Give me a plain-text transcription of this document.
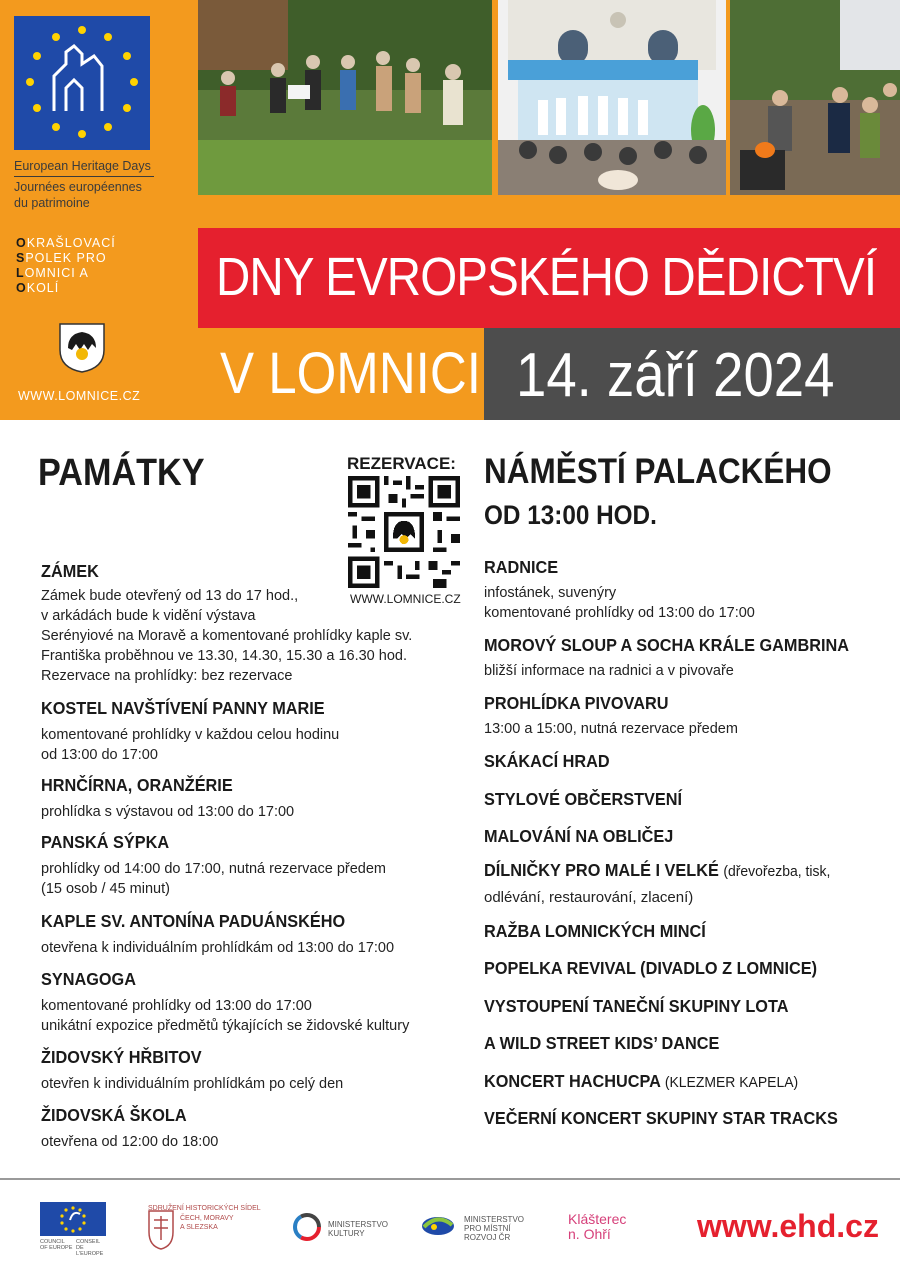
European Heritage Days
Journées européennes
du patrimoine
OKRAŠLOVACÍ
SPOLEK PRO
LOMNICI A
OKOLÍ
WWW.LOMNICE.CZ
DNY EVROPSKÉHO DĚDICTVÍ
V LOMNICI 14. září 2024
PAMÁTKY
ZÁMEK
Zámek bude otevřený od 13 do 17 hod.,
v arkádách bude k vidění výstava
Serényiové na Moravě a komentované prohlídky kaple sv.
Františka proběhnou ve 13.30, 14.30, 15.30 a 16.30 hod.
Rezervace na prohlídky: bez rezervace
KOSTEL NAVŠTÍVENÍ PANNY MARIE
komentované prohlídky v každou celou hodinu
od 13:00 do 17:00
HRNČÍRNA, ORANŽÉRIE
prohlídka s výstavou od 13:00 do 17:00
PANSKÁ SÝPKA
prohlídky od 14:00 do 17:00, nutná rezervace předem
(15 osob / 45 minut)
KAPLE SV. ANTONÍNA PADUÁNSKÉHO
otevřena k individuálním prohlídkám od 13:00 do 17:00
SYNAGOGA
komentované prohlídky od 13:00 do 17:00
unikátní expozice předmětů týkajících se židovské kultury
ŽIDOVSKÝ HŘBITOV
otevřen k individuálním prohlídkám po celý den
ŽIDOVSKÁ ŠKOLA
otevřena od 12:00 do 18:00
REZERVACE:
WWW.LOMNICE.CZ
NÁMĚSTÍ PALACKÉHO
OD 13:00 HOD.
RADNICE
infostánek, suvenýry
komentované prohlídky od 13:00 do 17:00
MOROVÝ SLOUP A SOCHA KRÁLE GAMBRINA
bližší informace na radnici a v pivovaře
PROHLÍDKA PIVOVARU
13:00 a 15:00, nutná rezervace předem
SKÁKACÍ HRAD
STYLOVÉ OBČERSTVENÍ
MALOVÁNÍ NA OBLIČEJ
DÍLNIČKY PRO MALÉ I VELKÉ (dřevořezba, tisk,
odlévání, restaurování, zlacení)
RAŽBA LOMNICKÝCH MINCÍ
POPELKA REVIVAL (DIVADLO Z LOMNICE)
VYSTOUPENÍ TANEČNÍ SKUPINY LOTA
A WILD STREET KIDS’ DANCE
KONCERT HACHUCPA (KLEZMER KAPELA)
VEČERNÍ KONCERT SKUPINY STAR TRACKS
COUNCIL
OF EUROPE
CONSEIL
DE L'EUROPE
SDRUŽENÍ HISTORICKÝCH SÍDEL
ČECH, MORAVY
A SLEZSKA	MINISTERSTVO
KULTURY
MINISTERSTVO
PRO MÍSTNÍ
ROZVOJ ČR
Klášterec
n. Ohří	www.ehd.cz
